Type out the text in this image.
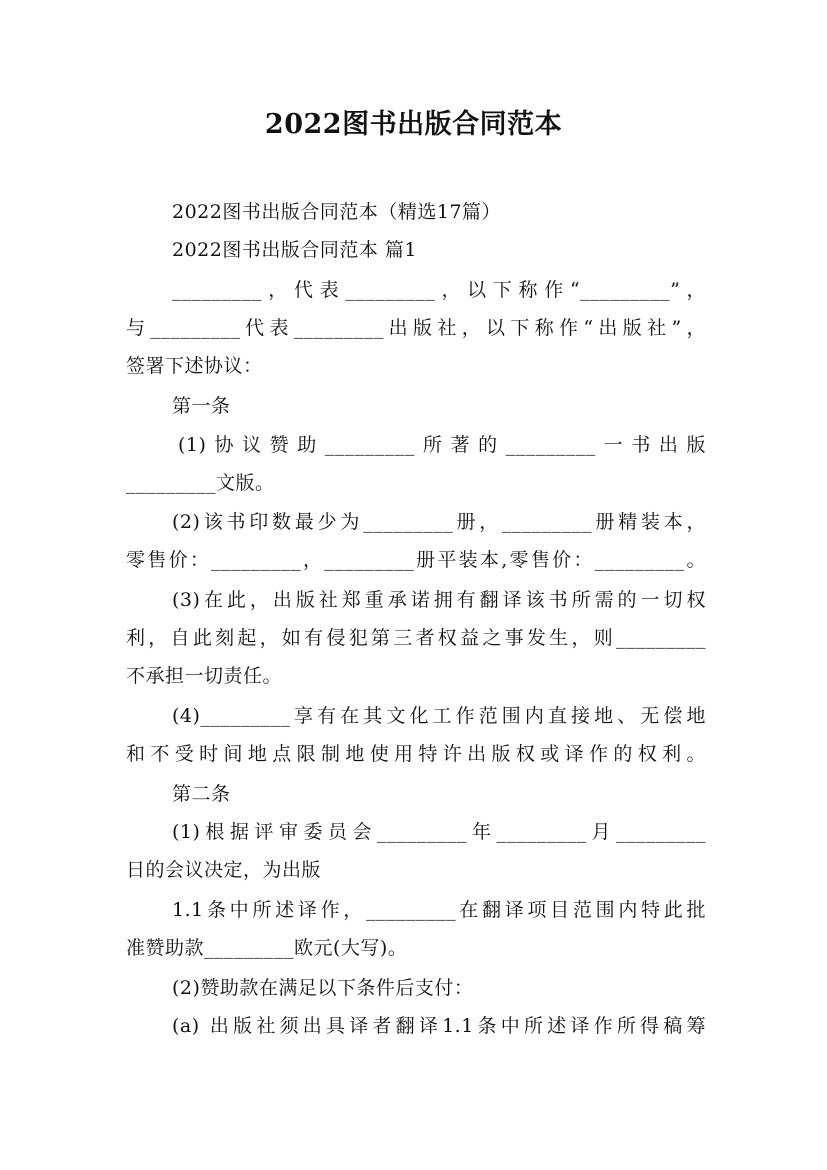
2022图书出版合同范本
2022图书出版合同范本（精选17篇）
2022图书出版合同范本 篇1
_________，代表_________，以下称作“_________”，
与_________代表_________出版社，以下称作“出版社”，
签署下述协议：
第一条
(1)协议赞助_________所著的_________一书出版
_________文版。
(2)该书印数最少为_________册，_________册精装本，
零售价：_________，_________册平装本,零售价：_________。
(3)在此，出版社郑重承诺拥有翻译该书所需的一切权
利，自此刻起，如有侵犯第三者权益之事发生，则_________
不承担一切责任。
(4)_________享有在其文化工作范围内直接地、无偿地
和不受时间地点限制地使用特许出版权或译作的权利。
第二条
(1)根据评审委员会_________年_________月_________
日的会议决定，为出版
1.1条中所述译作，_________在翻译项目范围内特此批
准赞助款_________欧元(大写)。
(2)赞助款在满足以下条件后支付：
(a) 出版社须出具译者翻译1.1条中所述译作所得稿筹
